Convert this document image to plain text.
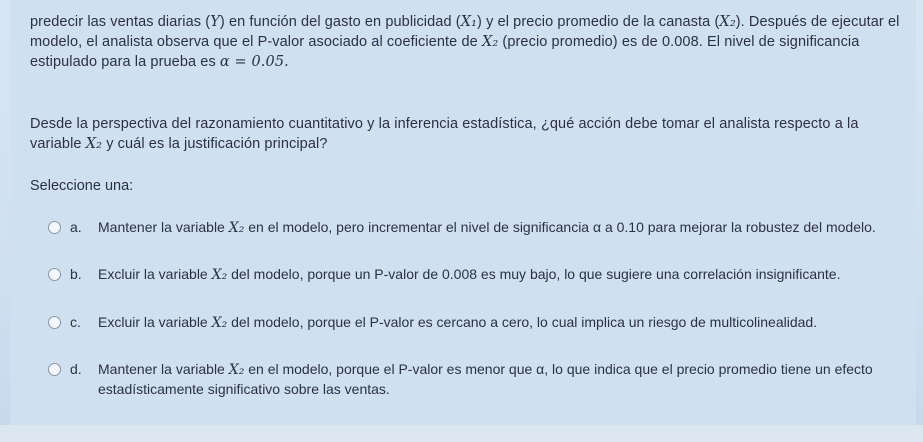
predecir las ventas diarias (Y) en función del gasto en publicidad (X₁) y el precio promedio de la canasta (X₂). Después de ejecutar el modelo, el analista observa que el P-valor asociado al coeficiente de X₂ (precio promedio) es de 0.008. El nivel de significancia estipulado para la prueba es α = 0.05.
Desde la perspectiva del razonamiento cuantitativo y la inferencia estadística, ¿qué acción debe tomar el analista respecto a la variable X₂ y cuál es la justificación principal?
Seleccione una:
a. Mantener la variable X₂ en el modelo, pero incrementar el nivel de significancia α a 0.10 para mejorar la robustez del modelo.
b. Excluir la variable X₂ del modelo, porque un P-valor de 0.008 es muy bajo, lo que sugiere una correlación insignificante.
c. Excluir la variable X₂ del modelo, porque el P-valor es cercano a cero, lo cual implica un riesgo de multicolinealidad.
d. Mantener la variable X₂ en el modelo, porque el P-valor es menor que α, lo que indica que el precio promedio tiene un efecto estadísticamente significativo sobre las ventas.
